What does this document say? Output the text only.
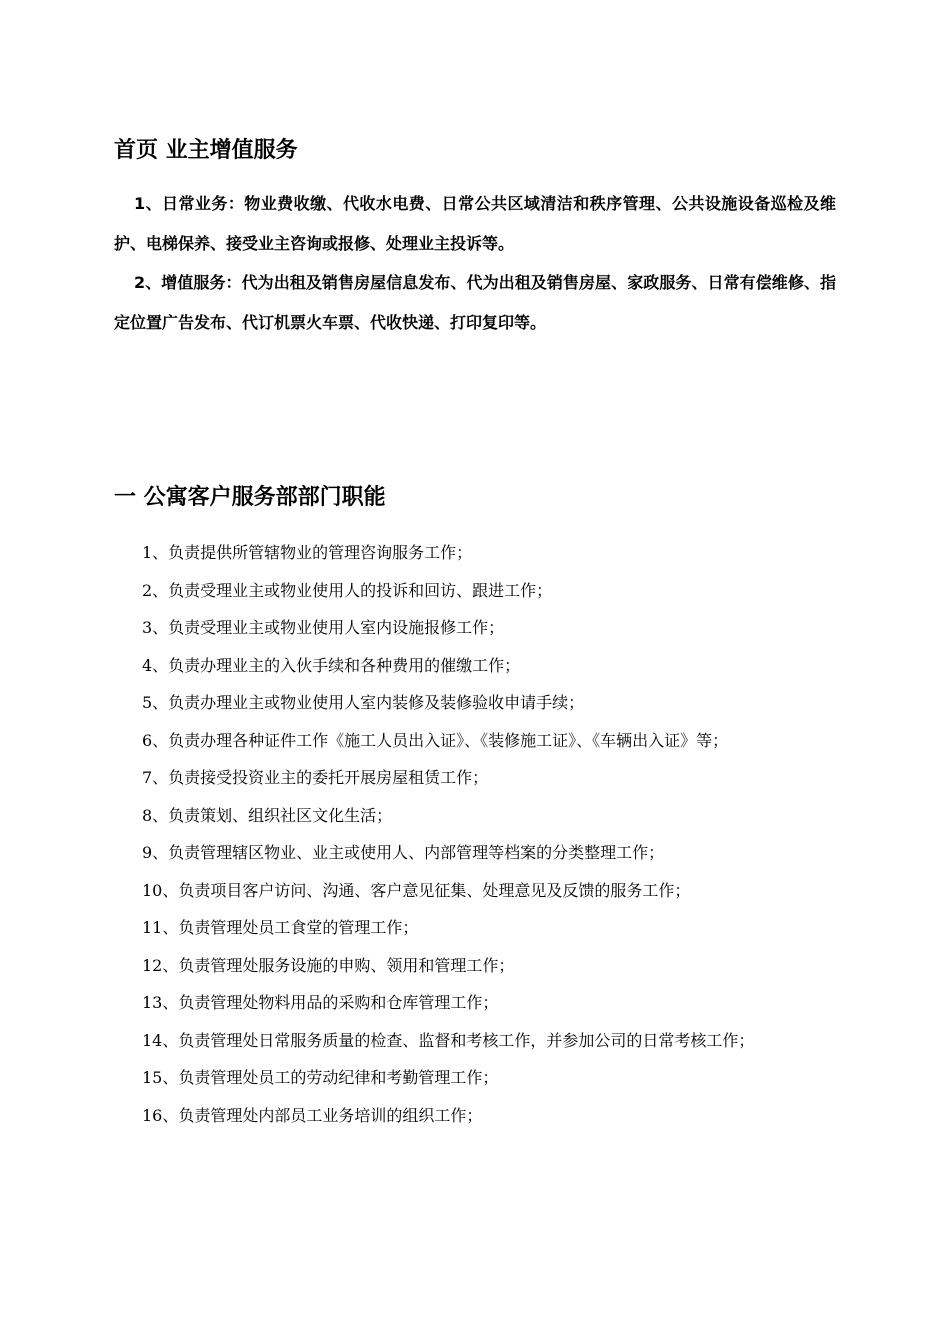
首页 业主增值服务

1、日常业务：物业费收缴、代收水电费、日常公共区域清洁和秩序管理、公共设施设备巡检及维护、电梯保养、接受业主咨询或报修、处理业主投诉等。

2、增值服务：代为出租及销售房屋信息发布、代为出租及销售房屋、家政服务、日常有偿维修、指定位置广告发布、代订机票火车票、代收快递、打印复印等。

一 公寓客户服务部部门职能
1、负责提供所管辖物业的管理咨询服务工作；
2、负责受理业主或物业使用人的投诉和回访、跟进工作；
3、负责受理业主或物业使用人室内设施报修工作；
4、负责办理业主的入伙手续和各种费用的催缴工作；
5、负责办理业主或物业使用人室内装修及装修验收申请手续；
6、负责办理各种证件工作《施工人员出入证》、《装修施工证》、《车辆出入证》等；
7、负责接受投资业主的委托开展房屋租赁工作；
8、负责策划、组织社区文化生活；
9、负责管理辖区物业、业主或使用人、内部管理等档案的分类整理工作；
10、负责项目客户访问、沟通、客户意见征集、处理意见及反馈的服务工作；
11、负责管理处员工食堂的管理工作；
12、负责管理处服务设施的申购、领用和管理工作；
13、负责管理处物料用品的采购和仓库管理工作；
14、负责管理处日常服务质量的检查、监督和考核工作，并参加公司的日常考核工作；
15、负责管理处员工的劳动纪律和考勤管理工作；
16、负责管理处内部员工业务培训的组织工作；
